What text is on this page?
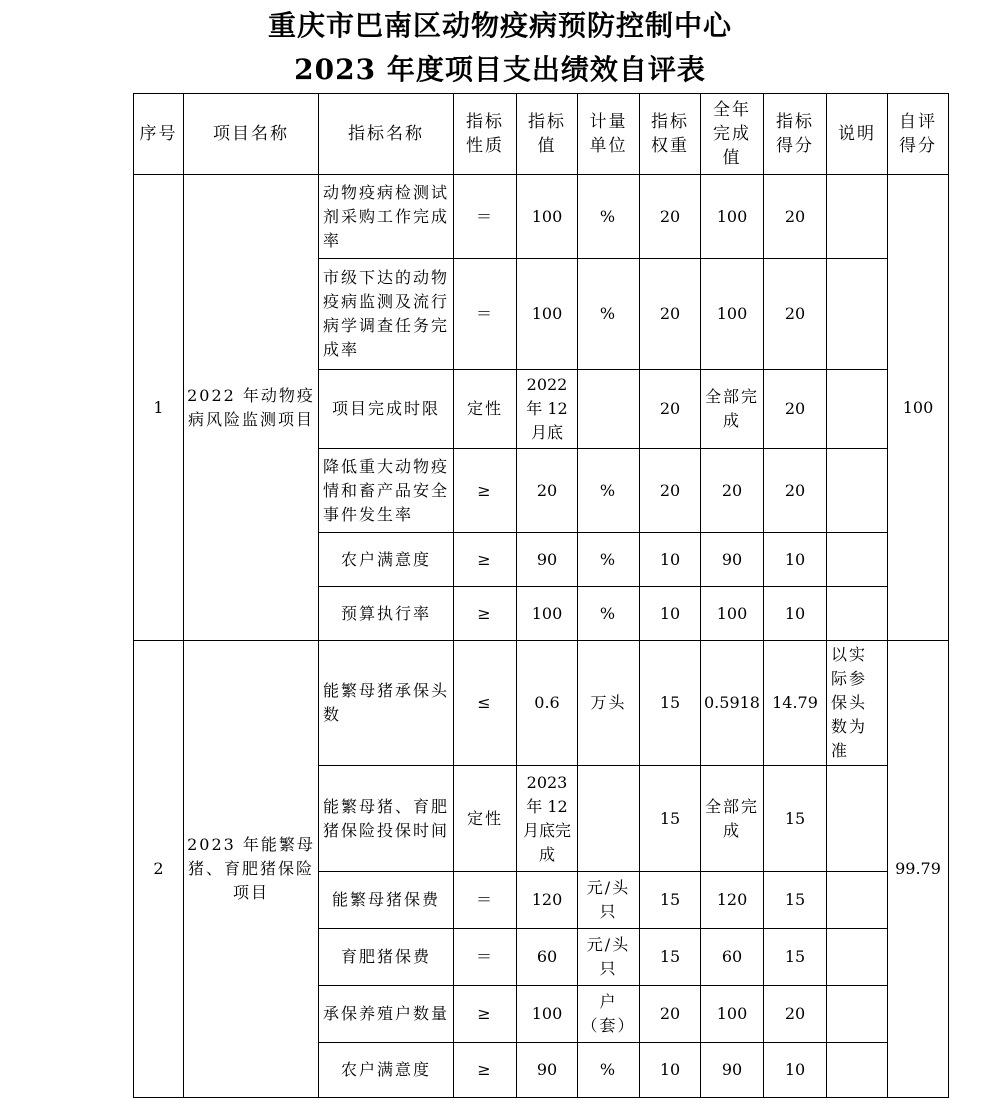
重庆市巴南区动物疫病预防控制中心
2023 年度项目支出绩效自评表
序号	项目名称	指标名称	指标性质	指标值	计量单位	指标权重	全年完成值	指标得分	说明	自评得分
1	2022 年动物疫病风险监测项目	动物疫病检测试剂采购工作完成率	＝	100	%	20	100	20		100
		市级下达的动物疫病监测及流行病学调查任务完成率	＝	100	%	20	100	20		
		项目完成时限	定性	2022 年 12 月底		20	全部完成	20		
		降低重大动物疫情和畜产品安全事件发生率	≥	20	%	20	20	20		
		农户满意度	≥	90	%	10	90	10		
		预算执行率	≥	100	%	10	100	10		
2	2023 年能繁母猪、育肥猪保险项目	能繁母猪承保头数	≤	0.6	万头	15	0.5918	14.79	以实际参保头数为准	99.79
		能繁母猪、育肥猪保险投保时间	定性	2023 年 12 月底完成		15	全部完成	15		
		能繁母猪保费	＝	120	元/头只	15	120	15		
		育肥猪保费	＝	60	元/头只	15	60	15		
		承保养殖户数量	≥	100	户（套）	20	100	20		
		农户满意度	≥	90	%	10	90	10		
